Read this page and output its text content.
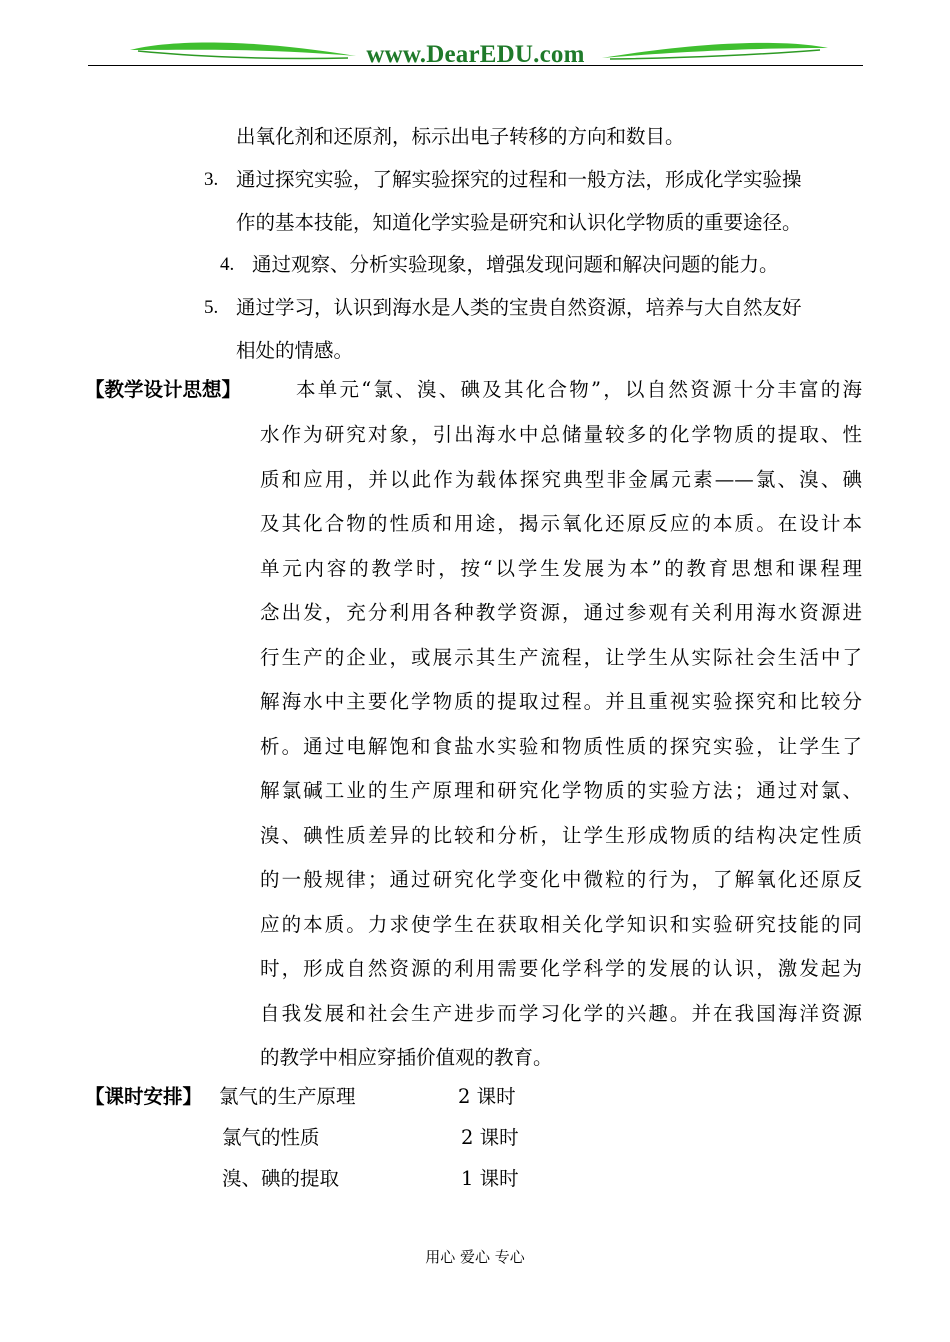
www.DearEDU.com
出氧化剂和还原剂，标示出电子转移的方向和数目。
3. 通过探究实验，了解实验探究的过程和一般方法，形成化学实验操
作的基本技能，知道化学实验是研究和认识化学物质的重要途径。
4. 通过观察、分析实验现象，增强发现问题和解决问题的能力。
5. 通过学习，认识到海水是人类的宝贵自然资源，培养与大自然友好
相处的情感。
【教学设计思想】	本单元“氯、溴、碘及其化合物”，以自然资源十分丰富的海
水作为研究对象，引出海水中总储量较多的化学物质的提取、性
质和应用，并以此作为载体探究典型非金属元素——氯、溴、碘
及其化合物的性质和用途，揭示氧化还原反应的本质。在设计本
单元内容的教学时，按“以学生发展为本”的教育思想和课程理
念出发，充分利用各种教学资源，通过参观有关利用海水资源进
行生产的企业，或展示其生产流程，让学生从实际社会生活中了
解海水中主要化学物质的提取过程。并且重视实验探究和比较分
析。通过电解饱和食盐水实验和物质性质的探究实验，让学生了
解氯碱工业的生产原理和研究化学物质的实验方法；通过对氯、
溴、碘性质差异的比较和分析，让学生形成物质的结构决定性质
的一般规律；通过研究化学变化中微粒的行为，了解氧化还原反
应的本质。力求使学生在获取相关化学知识和实验研究技能的同
时，形成自然资源的利用需要化学科学的发展的认识，激发起为
自我发展和社会生产进步而学习化学的兴趣。并在我国海洋资源
的教学中相应穿插价值观的教育。
【课时安排】 氯气的生产原理	2 课时
氯气的性质	2 课时
溴、碘的提取	1 课时
用心 爱心 专心
